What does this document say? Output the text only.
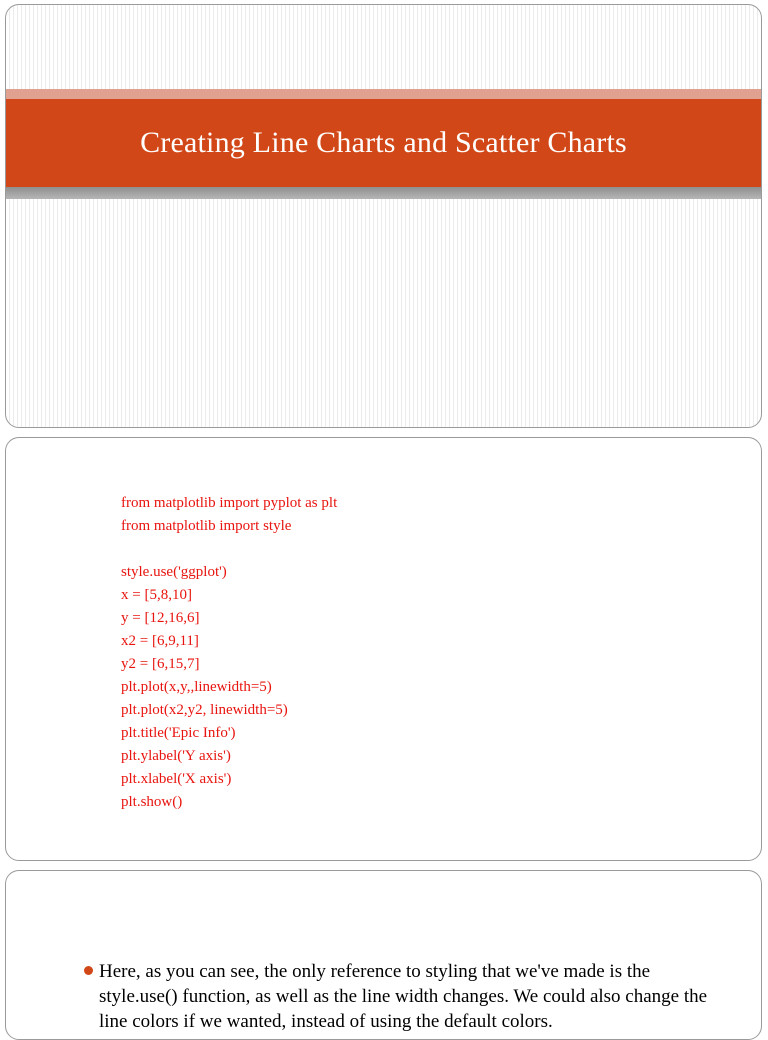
Creating Line Charts and Scatter Charts
from matplotlib import pyplot as plt
from matplotlib import style
style.use('ggplot')
x = [5,8,10]
y = [12,16,6]
x2 = [6,9,11]
y2 = [6,15,7]
plt.plot(x,y,,linewidth=5)
plt.plot(x2,y2, linewidth=5)
plt.title('Epic Info')
plt.ylabel('Y axis')
plt.xlabel('X axis')
plt.show()
Here, as you can see, the only reference to styling that we've made is the style.use() function, as well as the line width changes. We could also change the line colors if we wanted, instead of using the default colors.
